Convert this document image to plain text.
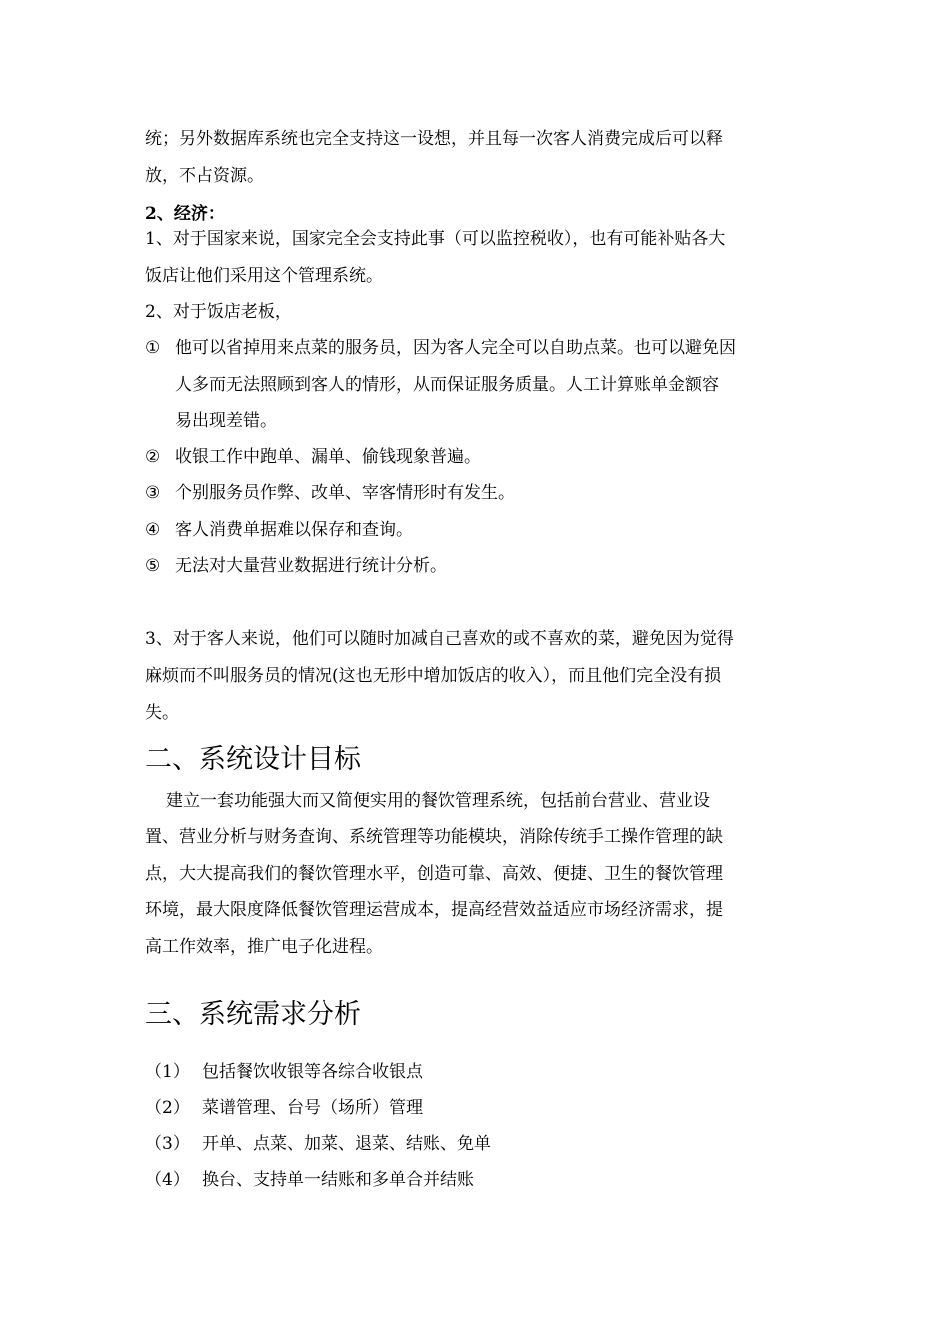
统；另外数据库系统也完全支持这一设想，并且每一次客人消费完成后可以释
放，不占资源。
2、经济：
1、对于国家来说，国家完全会支持此事（可以监控税收），也有可能补贴各大
饭店让他们采用这个管理系统。
2、对于饭店老板，
① 他可以省掉用来点菜的服务员，因为客人完全可以自助点菜。也可以避免因
人多而无法照顾到客人的情形，从而保证服务质量。人工计算账单金额容
易出现差错。
② 收银工作中跑单、漏单、偷钱现象普遍。
③ 个别服务员作弊、改单、宰客情形时有发生。
④ 客人消费单据难以保存和查询。
⑤ 无法对大量营业数据进行统计分析。
3、对于客人来说，他们可以随时加减自己喜欢的或不喜欢的菜，避免因为觉得
麻烦而不叫服务员的情况(这也无形中增加饭店的收入），而且他们完全没有损
失。
二、系统设计目标
建立一套功能强大而又简便实用的餐饮管理系统，包括前台营业、营业设
置、营业分析与财务查询、系统管理等功能模块，消除传统手工操作管理的缺
点，大大提高我们的餐饮管理水平，创造可靠、高效、便捷、卫生的餐饮管理
环境，最大限度降低餐饮管理运营成本，提高经营效益适应市场经济需求，提
高工作效率，推广电子化进程。
三、系统需求分析
（1） 包括餐饮收银等各综合收银点
（2） 菜谱管理、台号（场所）管理
（3） 开单、点菜、加菜、退菜、结账、免单
（4） 换台、支持单一结账和多单合并结账
